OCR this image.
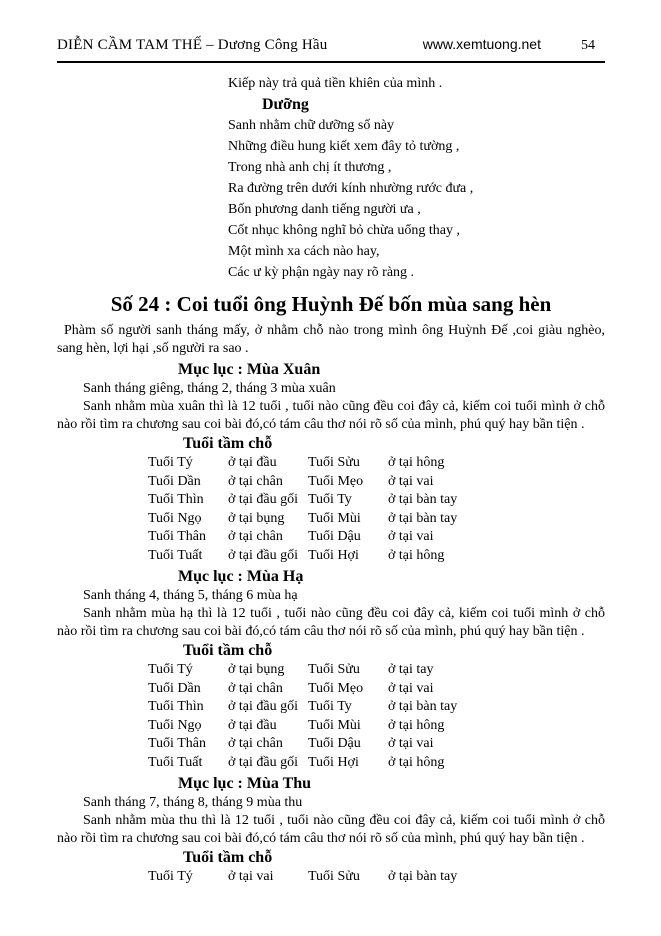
DIỄN CẦM TAM THẾ – Dương Công Hầu	www.xemtuong.net	54
Kiếp này trả quả tiền khiên của mình .
Dưỡng
Sanh nhằm chữ dưỡng số này
Những điều hung kiết xem đây tỏ tường ,
Trong nhà anh chị ít thương ,
Ra đường trên dưới kính nhường rước đưa ,
Bốn phương danh tiếng người ưa ,
Cốt nhục không nghĩ bỏ chừa uổng thay ,
Một mình xa cách nào hay,
Các ư kỳ phận ngày nay rõ ràng .
Số 24 : Coi tuổi ông Huỳnh Đế bốn mùa sang hèn

Phàm số người sanh tháng mấy, ở nhằm chỗ nào trong mình ông Huỳnh Đế ,coi giàu nghèo, sang hèn, lợi hại ,số người ra sao .

Mục lục : Mùa Xuân
Sanh tháng giêng, tháng 2, tháng 3 mùa xuân

Sanh nhằm mùa xuân thì là 12 tuổi , tuổi nào cũng đều coi đây cả, kiếm coi tuổi mình ở chỗ nào rồi tìm ra chương sau coi bài đó,có tám câu thơ nói rõ số của mình, phú quý hay bần tiện .

Tuổi tầm chỗ
Tuổi Tý	ở tại đầu	Tuổi Sửu	ở tại hông
Tuổi Dần	ở tại chân	Tuổi Mẹo	ở tại vai
Tuổi Thìn	ở tại đầu gối Tuổi Ty	ở tại bàn tay
Tuổi Ngọ	ở tại bụng	Tuổi Mùi	ở tại bàn tay
Tuổi Thân	ở tại chân	Tuổi Dậu	ở tại vai
Tuổi Tuất	ở tại đầu gối Tuổi Hợi	ở tại hông
Mục lục : Mùa Hạ
Sanh tháng 4, tháng 5, tháng 6 mùa hạ

Sanh nhằm mùa hạ thì là 12 tuổi , tuổi nào cũng đều coi đây cả, kiếm coi tuổi mình ở chỗ nào rồi tìm ra chương sau coi bài đó,có tám câu thơ nói rõ số của mình, phú quý hay bần tiện .

Tuổi tầm chỗ
Tuổi Tý	ở tại bụng	Tuổi Sửu	ở tại tay
Tuổi Dần	ở tại chân	Tuổi Mẹo	ở tại vai
Tuổi Thìn	ở tại đầu gối Tuổi Ty	ở tại bàn tay
Tuổi Ngọ	ở tại đầu	Tuổi Mùi	ở tại hông
Tuổi Thân	ở tại chân	Tuổi Dậu	ở tại vai
Tuổi Tuất	ở tại đầu gối Tuổi Hợi	ở tại hông
Mục lục : Mùa Thu
Sanh tháng 7, tháng 8, tháng 9 mùa thu

Sanh nhằm mùa thu thì là 12 tuổi , tuổi nào cũng đều coi đây cả, kiếm coi tuổi mình ở chỗ nào rồi tìm ra chương sau coi bài đó,có tám câu thơ nói rõ số của mình, phú quý hay bần tiện .

Tuổi tầm chỗ
Tuổi Tý	ở tại vai	Tuổi Sửu	ở tại bàn tay
